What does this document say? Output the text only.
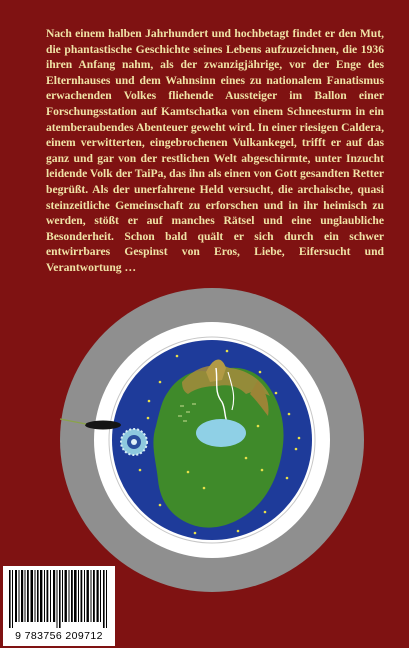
Nach einem halben Jahrhundert und hochbetagt findet er den Mut, die phantastische Geschichte seines Lebens aufzuzeichnen, die 1936 ihren Anfang nahm, als der zwanzigjährige, vor der Enge des Elternhauses und dem Wahnsinn eines zu nationalem Fanatismus erwachenden Volkes fliehende Aussteiger im Ballon einer Forschungsstation auf Kamtschatka von einem Schneesturm in ein atemberaubendes Abenteuer geweht wird. In einer riesigen Caldera, einem verwitterten, eingebrochenen Vulkankegel, trifft er auf das ganz und gar von der restlichen Welt abgeschirmte, unter Inzucht leidende Volk der TaiPa, das ihn als einen von Gott gesandten Retter begrüßt. Als der unerfahrene Held versucht, die archaische, quasi steinzeitliche Gemeinschaft zu erforschen und in ihr heimisch zu werden, stößt er auf manches Rätsel und eine unglaubliche Besonderheit. Schon bald quält er sich durch ein schwer entwirrbares Gespinst von Eros, Liebe, Eifersucht und Verantwortung …

9 783756 209712
